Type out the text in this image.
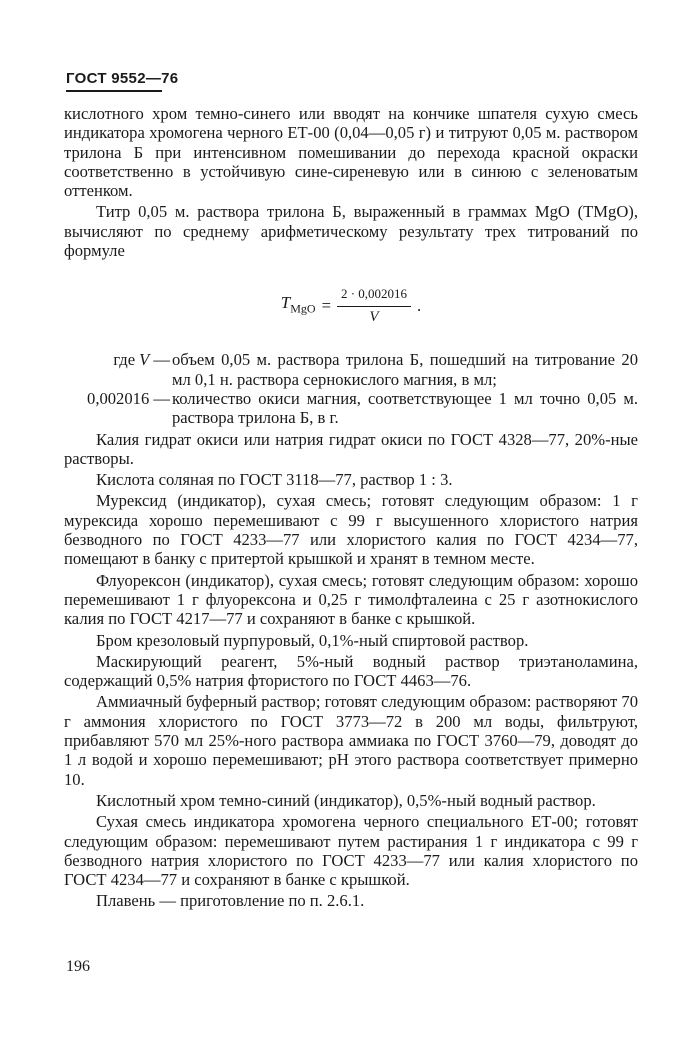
ГОСТ 9552—76

кислотного хром темно-синего или вводят на кончике шпателя сухую смесь индикатора хромогена черного ЕТ-00 (0,04—0,05 г) и титруют 0,05 м. раствором трилона Б при интенсивном помешивании до перехода красной окраски соответственно в устойчивую сине-сиреневую или в синюю с зеленоватым оттенком.

Титр 0,05 м. раствора трилона Б, выраженный в граммах MgO (TMgO), вычисляют по среднему арифметическому результату трех титрований по формуле

$T_{MgO} = \frac{2 \cdot 0,002016}{V}$ .
где V — объем 0,05 м. раствора трилона Б, пошедший на титрование 20 мл 0,1 н. раствора сернокислого магния, в мл;
0,002016 — количество окиси магния, соответствующее 1 мл точно 0,05 м. раствора трилона Б, в г.

Калия гидрат окиси или натрия гидрат окиси по ГОСТ 4328—77, 20%-ные растворы.

Кислота соляная по ГОСТ 3118—77, раствор 1 : 3.

Мурексид (индикатор), сухая смесь; готовят следующим образом: 1 г мурексида хорошо перемешивают с 99 г высушенного хлористого натрия безводного по ГОСТ 4233—77 или хлористого калия по ГОСТ 4234—77, помещают в банку с притертой крышкой и хранят в темном месте.

Флуорексон (индикатор), сухая смесь; готовят следующим образом: хорошо перемешивают 1 г флуорексона и 0,25 г тимолфталеина с 25 г азотнокислого калия по ГОСТ 4217—77 и сохраняют в банке с крышкой.

Бром крезоловый пурпуровый, 0,1%-ный спиртовой раствор.

Маскирующий реагент, 5%-ный водный раствор триэтаноламина, содержащий 0,5% натрия фтористого по ГОСТ 4463—76.

Аммиачный буферный раствор; готовят следующим образом: растворяют 70 г аммония хлористого по ГОСТ 3773—72 в 200 мл воды, фильтруют, прибавляют 570 мл 25%-ного раствора аммиака по ГОСТ 3760—79, доводят до 1 л водой и хорошо перемешивают; pH этого раствора соответствует примерно 10.

Кислотный хром темно-синий (индикатор), 0,5%-ный водный раствор.

Сухая смесь индикатора хромогена черного специального ЕТ-00; готовят следующим образом: перемешивают путем растирания 1 г индикатора с 99 г безводного натрия хлористого по ГОСТ 4233—77 или калия хлористого по ГОСТ 4234—77 и сохраняют в банке с крышкой.

Плавень — приготовление по п. 2.6.1.

196
